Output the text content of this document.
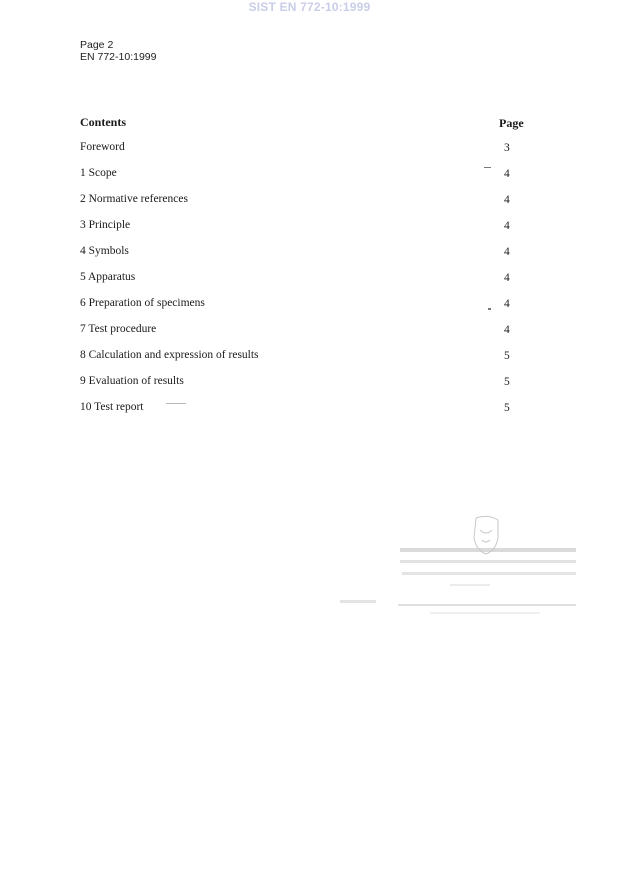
SIST EN 772-10:1999
Page 2
EN 772-10:1999
Contents	Page
Foreword	3
1 Scope	4
2 Normative references	4
3 Principle	4
4 Symbols	4
5 Apparatus	4
6 Preparation of specimens	4
7 Test procedure	4
8 Calculation and expression of results	5
9 Evaluation of results	5
10 Test report	5
